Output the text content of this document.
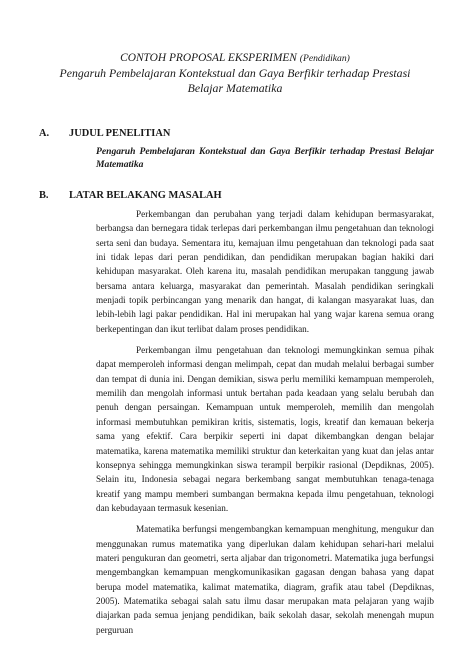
CONTOH PROPOSAL EKSPERIMEN (Pendidikan)

Pengaruh Pembelajaran Kontekstual dan Gaya Berfikir terhadap Prestasi Belajar Matematika

A.	JUDUL PENELITIAN

Pengaruh Pembelajaran Kontekstual dan Gaya Berfikir terhadap Prestasi Belajar Matematika

B.	LATAR BELAKANG MASALAH

Perkembangan dan perubahan yang terjadi dalam kehidupan bermasyarakat, berbangsa dan bernegara tidak terlepas dari perkembangan ilmu pengetahuan dan teknologi serta seni dan budaya. Sementara itu, kemajuan ilmu pengetahuan dan teknologi pada saat ini tidak lepas dari peran pendidikan, dan pendidikan merupakan bagian hakiki dari kehidupan masyarakat. Oleh karena itu, masalah pendidikan merupakan tanggung jawab bersama antara keluarga, masyarakat dan pemerintah. Masalah pendidikan seringkali menjadi topik perbincangan yang menarik dan hangat, di kalangan masyarakat luas, dan lebih-lebih lagi pakar pendidikan. Hal ini merupakan hal yang wajar karena semua orang berkepentingan dan ikut terlibat dalam proses pendidikan.

Perkembangan ilmu pengetahuan dan teknologi memungkinkan semua pihak dapat memperoleh informasi dengan melimpah, cepat dan mudah melalui berbagai sumber dan tempat di dunia ini. Dengan demikian, siswa perlu memiliki kemampuan memperoleh, memilih dan mengolah informasi untuk bertahan pada keadaan yang selalu berubah dan penuh dengan persaingan. Kemampuan untuk memperoleh, memilih dan mengolah informasi membutuhkan pemikiran kritis, sistematis, logis, kreatif dan kemauan bekerja sama yang efektif. Cara berpikir seperti ini dapat dikembangkan dengan belajar matematika, karena matematika memiliki struktur dan keterkaitan yang kuat dan jelas antar konsepnya sehingga memungkinkan siswa terampil berpikir rasional (Depdiknas, 2005). Selain itu, Indonesia sebagai negara berkembang sangat membutuhkan tenaga-tenaga kreatif yang mampu memberi sumbangan bermakna kepada ilmu pengetahuan, teknologi dan kebudayaan termasuk kesenian.

Matematika berfungsi mengembangkan kemampuan menghitung, mengukur dan menggunakan rumus matematika yang diperlukan dalam kehidupan sehari-hari melalui materi pengukuran dan geometri, serta aljabar dan trigonometri. Matematika juga berfungsi mengembangkan kemampuan mengkomunikasikan gagasan dengan bahasa yang dapat berupa model matematika, kalimat matematika, diagram, grafik atau tabel (Depdiknas, 2005). Matematika sebagai salah satu ilmu dasar merupakan mata pelajaran yang wajib diajarkan pada semua jenjang pendidikan, baik sekolah dasar, sekolah menengah mupun perguruan
